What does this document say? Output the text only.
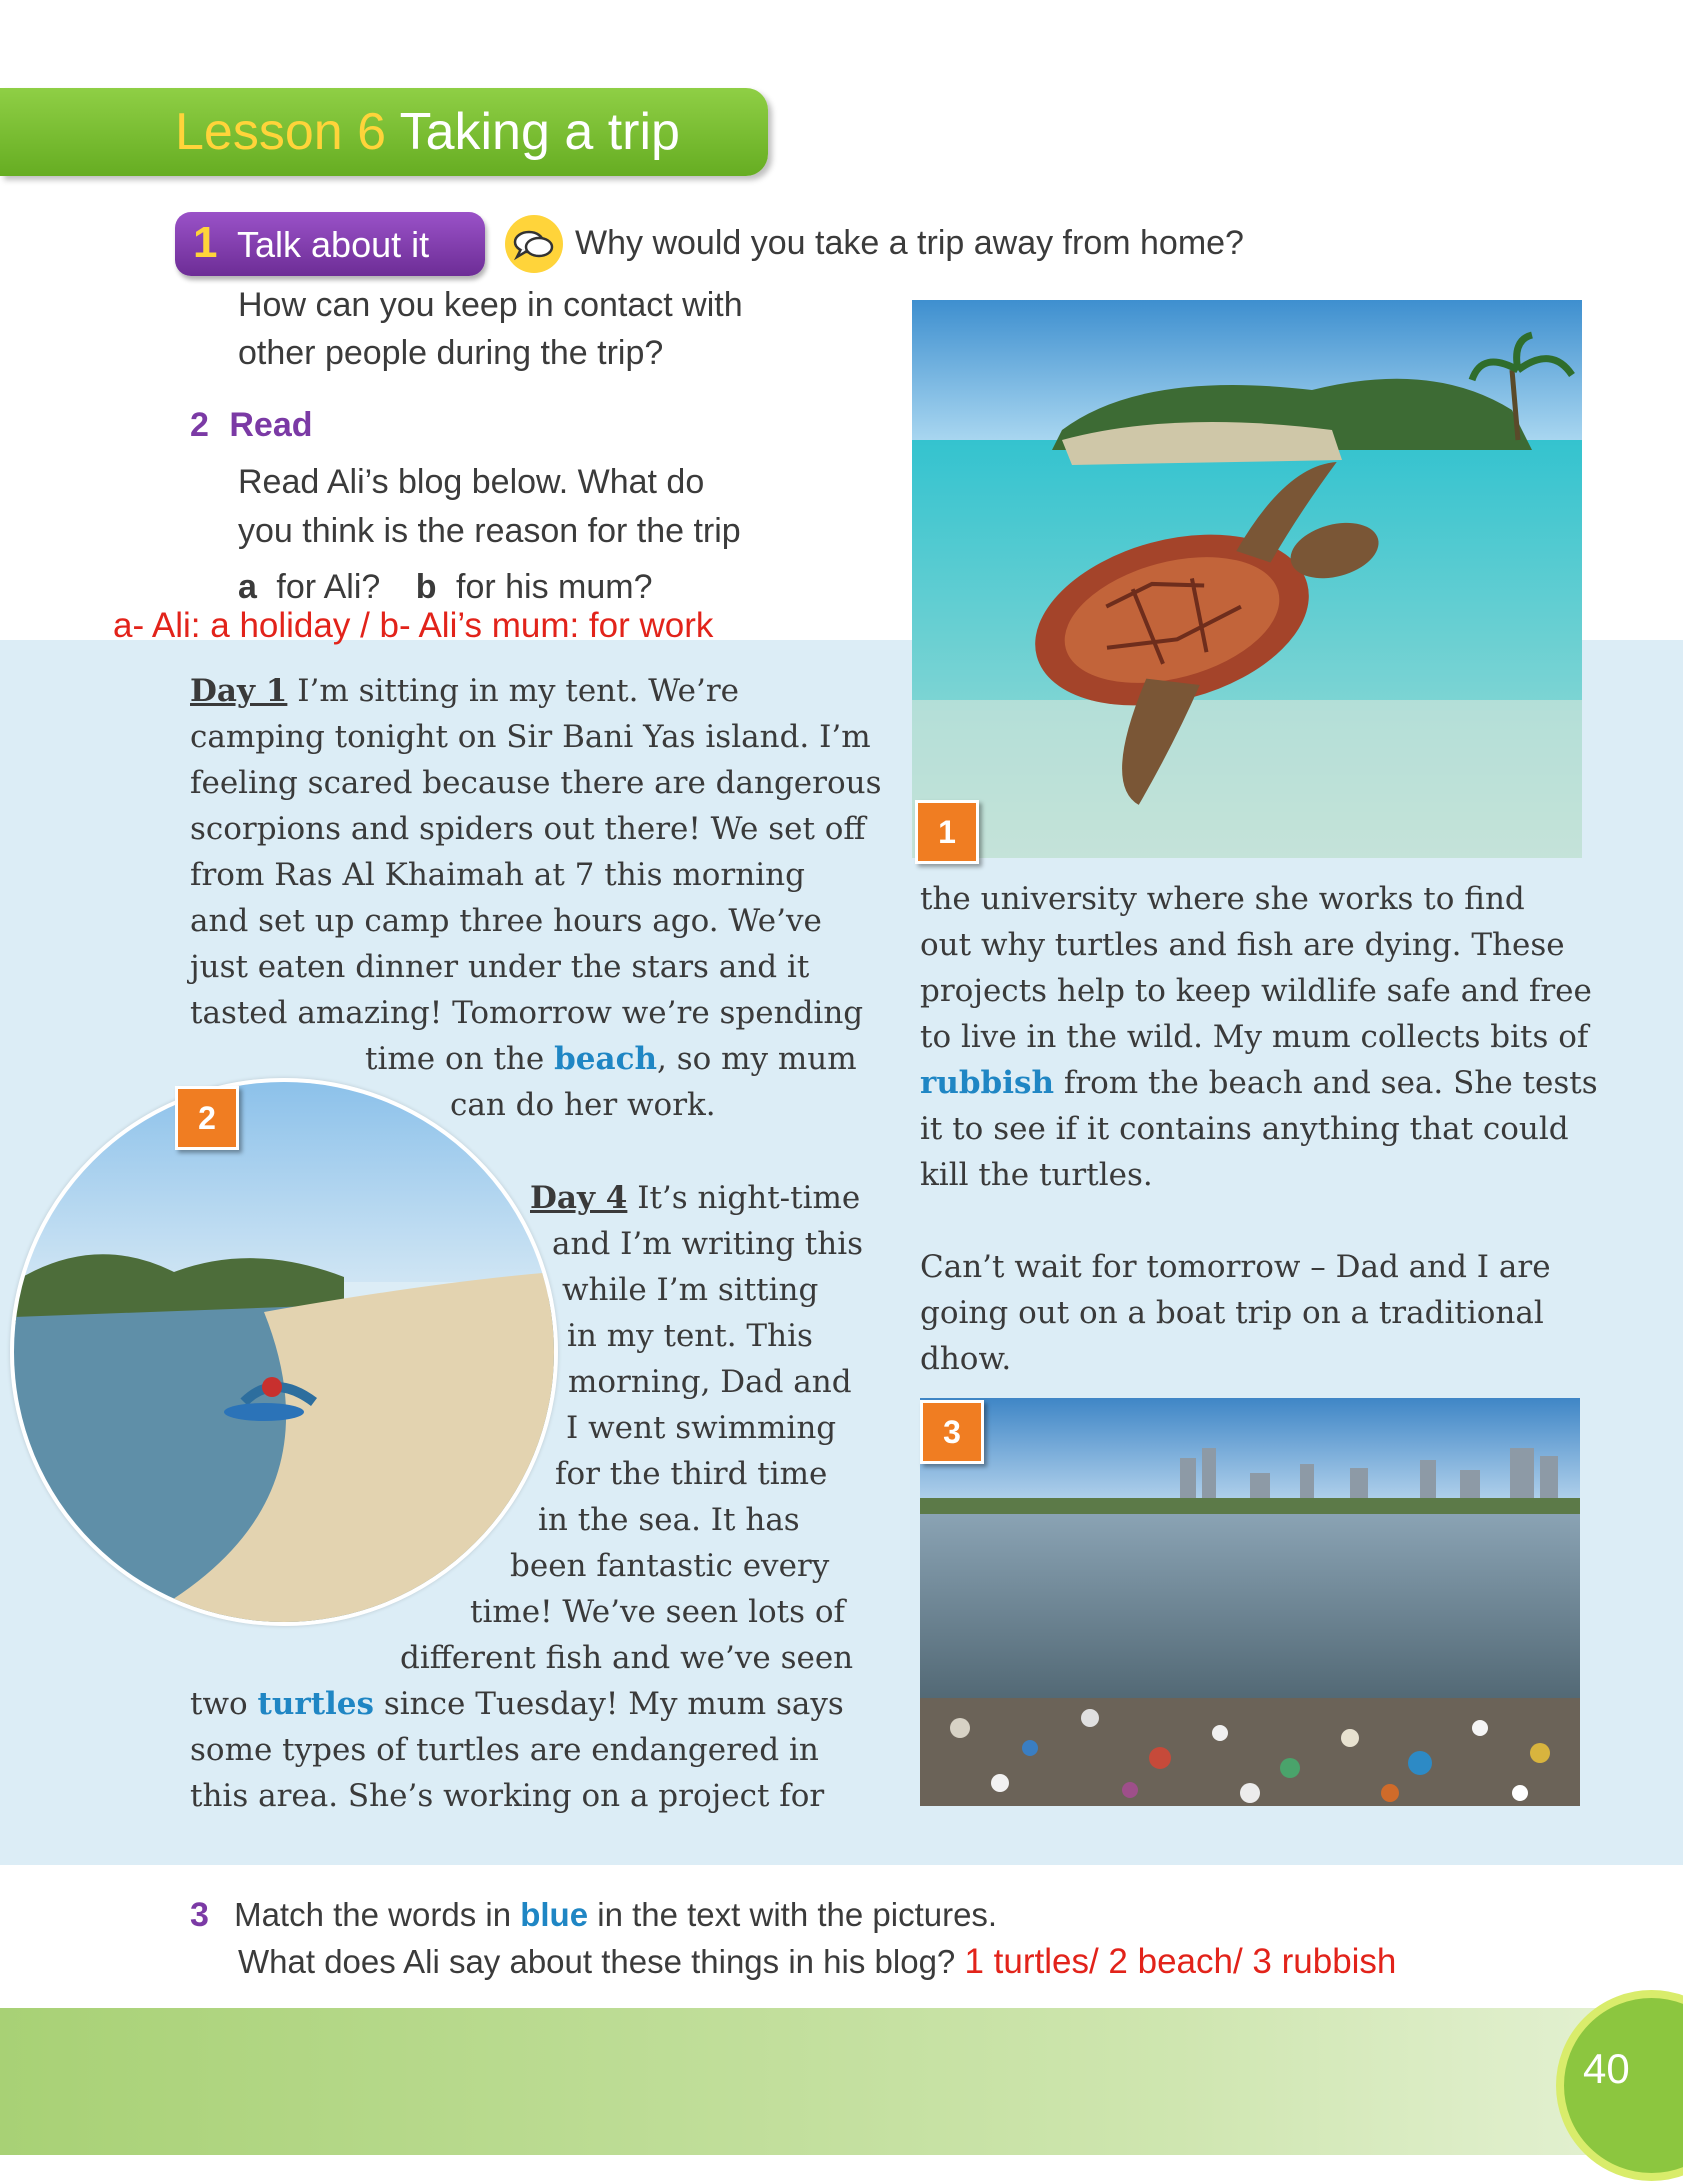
Lesson 6 Taking a trip
1 Talk about it	Why would you take a trip away from home?
How can you keep in contact with
other people during the trip?
2 Read
Read Ali’s blog below. What do
you think is the reason for the trip
a for Ali? b for his mum?
a- Ali: a holiday / b- Ali’s mum: for work
1
Day 1 I’m sitting in my tent. We’re
camping tonight on Sir Bani Yas island. I’m
feeling scared because there are dangerous
scorpions and spiders out there! We set off
from Ras Al Khaimah at 7 this morning
and set up camp three hours ago. We’ve
just eaten dinner under the stars and it
tasted amazing! Tomorrow we’re spending
time on the beach, so my mum
can do her work.
2
Day 4 It’s night-time
and I’m writing this
while I’m sitting
in my tent. This
morning, Dad and
I went swimming
for the third time
in the sea. It has
been fantastic every
time! We’ve seen lots of
different fish and we’ve seen
two turtles since Tuesday! My mum says
some types of turtles are endangered in
this area. She’s working on a project for
the university where she works to find
out why turtles and fish are dying. These
projects help to keep wildlife safe and free
to live in the wild. My mum collects bits of
rubbish from the beach and sea. She tests
it to see if it contains anything that could
kill the turtles.
Can’t wait for tomorrow – Dad and I are
going out on a boat trip on a traditional
dhow.
3
3 Match the words in blue in the text with the pictures.
What does Ali say about these things in his blog? 1 turtles/ 2 beach/ 3 rubbish
40
